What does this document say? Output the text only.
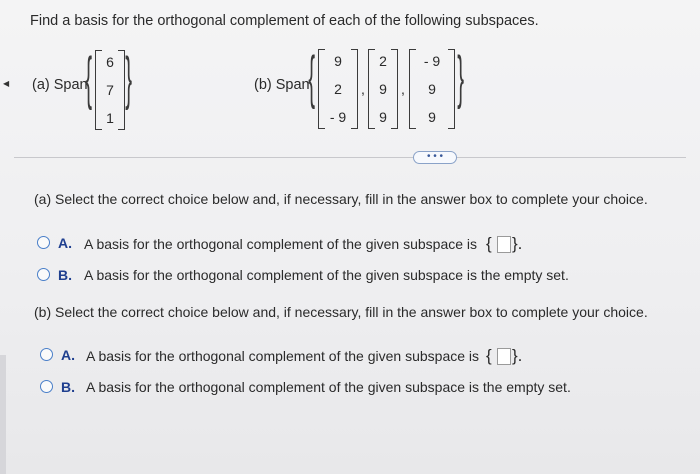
◀
Find a basis for the orthogonal complement of each of the following subspaces.
(a) Span
{ 6
7
1
}	(b) Span
{ 9
2
- 9
,
2
9
9
,
- 9
9
9
}
• • •
(a) Select the correct choice below and, if necessary, fill in the answer box to complete your choice.
A. A basis for the orthogonal complement of the given subspace is { }.
B. A basis for the orthogonal complement of the given subspace is the empty set.
(b) Select the correct choice below and, if necessary, fill in the answer box to complete your choice.
A. A basis for the orthogonal complement of the given subspace is { }.
B. A basis for the orthogonal complement of the given subspace is the empty set.
